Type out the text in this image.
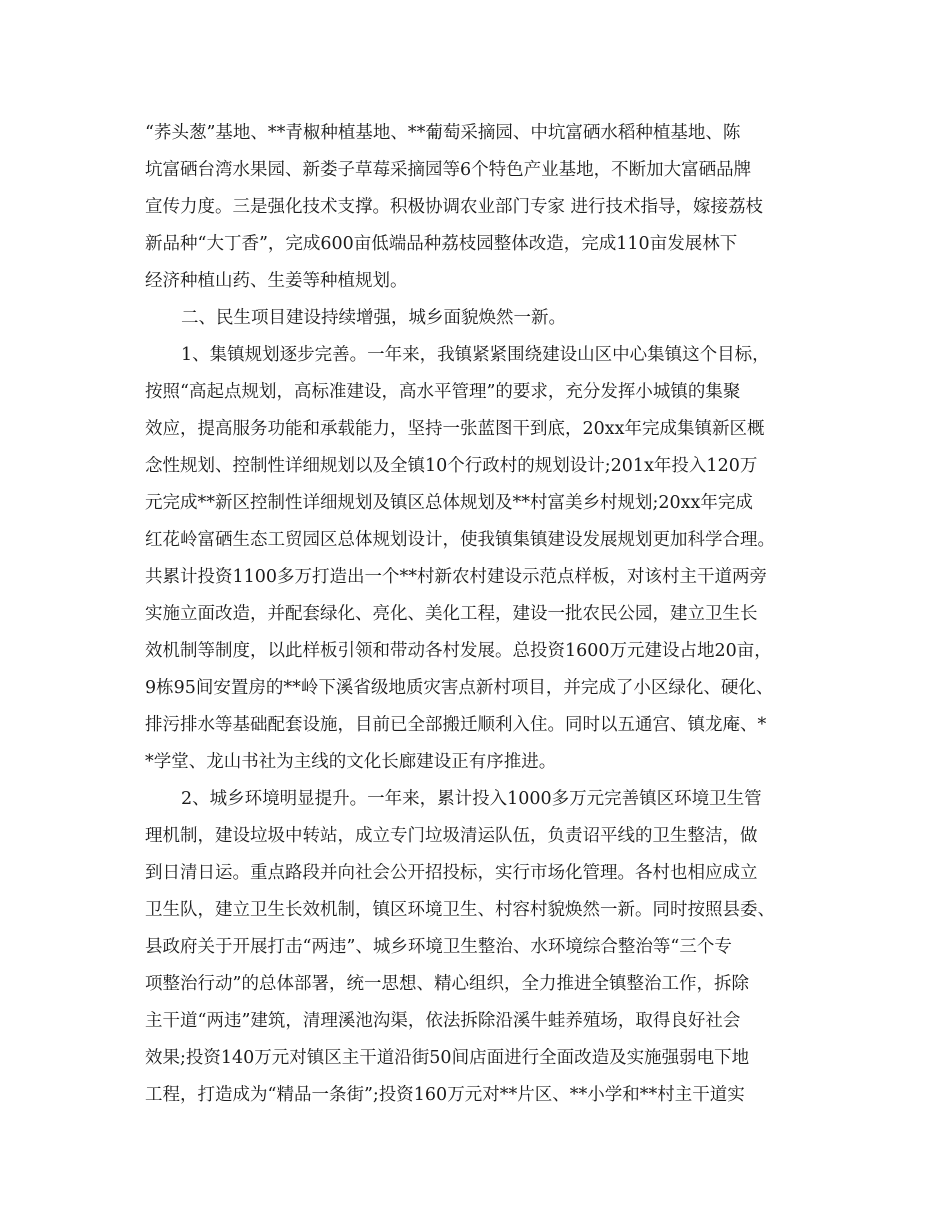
“荞头葱”基地、**青椒种植基地、**葡萄采摘园、中坑富硒水稻种植基地、陈
坑富硒台湾水果园、新娄子草莓采摘园等6个特色产业基地，不断加大富硒品牌
宣传力度。三是强化技术支撑。积极协调农业部门专家 进行技术指导，嫁接荔枝
新品种“大丁香”，完成600亩低端品种荔枝园整体改造，完成110亩发展林下
经济种植山药、生姜等种植规划。
二、民生项目建设持续增强，城乡面貌焕然一新。
1、集镇规划逐步完善。一年来，我镇紧紧围绕建设山区中心集镇这个目标，
按照“高起点规划，高标准建设，高水平管理”的要求，充分发挥小城镇的集聚
效应，提高服务功能和承载能力，坚持一张蓝图干到底，20xx年完成集镇新区概
念性规划、控制性详细规划以及全镇10个行政村的规划设计;201x年投入120万
元完成**新区控制性详细规划及镇区总体规划及**村富美乡村规划;20xx年完成
红花岭富硒生态工贸园区总体规划设计，使我镇集镇建设发展规划更加科学合理。
共累计投资1100多万打造出一个**村新农村建设示范点样板，对该村主干道两旁
实施立面改造，并配套绿化、亮化、美化工程，建设一批农民公园，建立卫生长
效机制等制度，以此样板引领和带动各村发展。总投资1600万元建设占地20亩，
9栋95间安置房的**岭下溪省级地质灾害点新村项目，并完成了小区绿化、硬化、
排污排水等基础配套设施，目前已全部搬迁顺利入住。同时以五通宫、镇龙庵、*
*学堂、龙山书社为主线的文化长廊建设正有序推进。
2、城乡环境明显提升。一年来，累计投入1000多万元完善镇区环境卫生管
理机制，建设垃圾中转站，成立专门垃圾清运队伍，负责诏平线的卫生整洁，做
到日清日运。重点路段并向社会公开招投标，实行市场化管理。各村也相应成立
卫生队，建立卫生长效机制，镇区环境卫生、村容村貌焕然一新。同时按照县委、
县政府关于开展打击“两违”、城乡环境卫生整治、水环境综合整治等“三个专
项整治行动”的总体部署，统一思想、精心组织，全力推进全镇整治工作，拆除
主干道“两违”建筑，清理溪池沟渠，依法拆除沿溪牛蛙养殖场，取得良好社会
效果;投资140万元对镇区主干道沿街50间店面进行全面改造及实施强弱电下地
工程，打造成为“精品一条街”;投资160万元对**片区、**小学和**村主干道实
